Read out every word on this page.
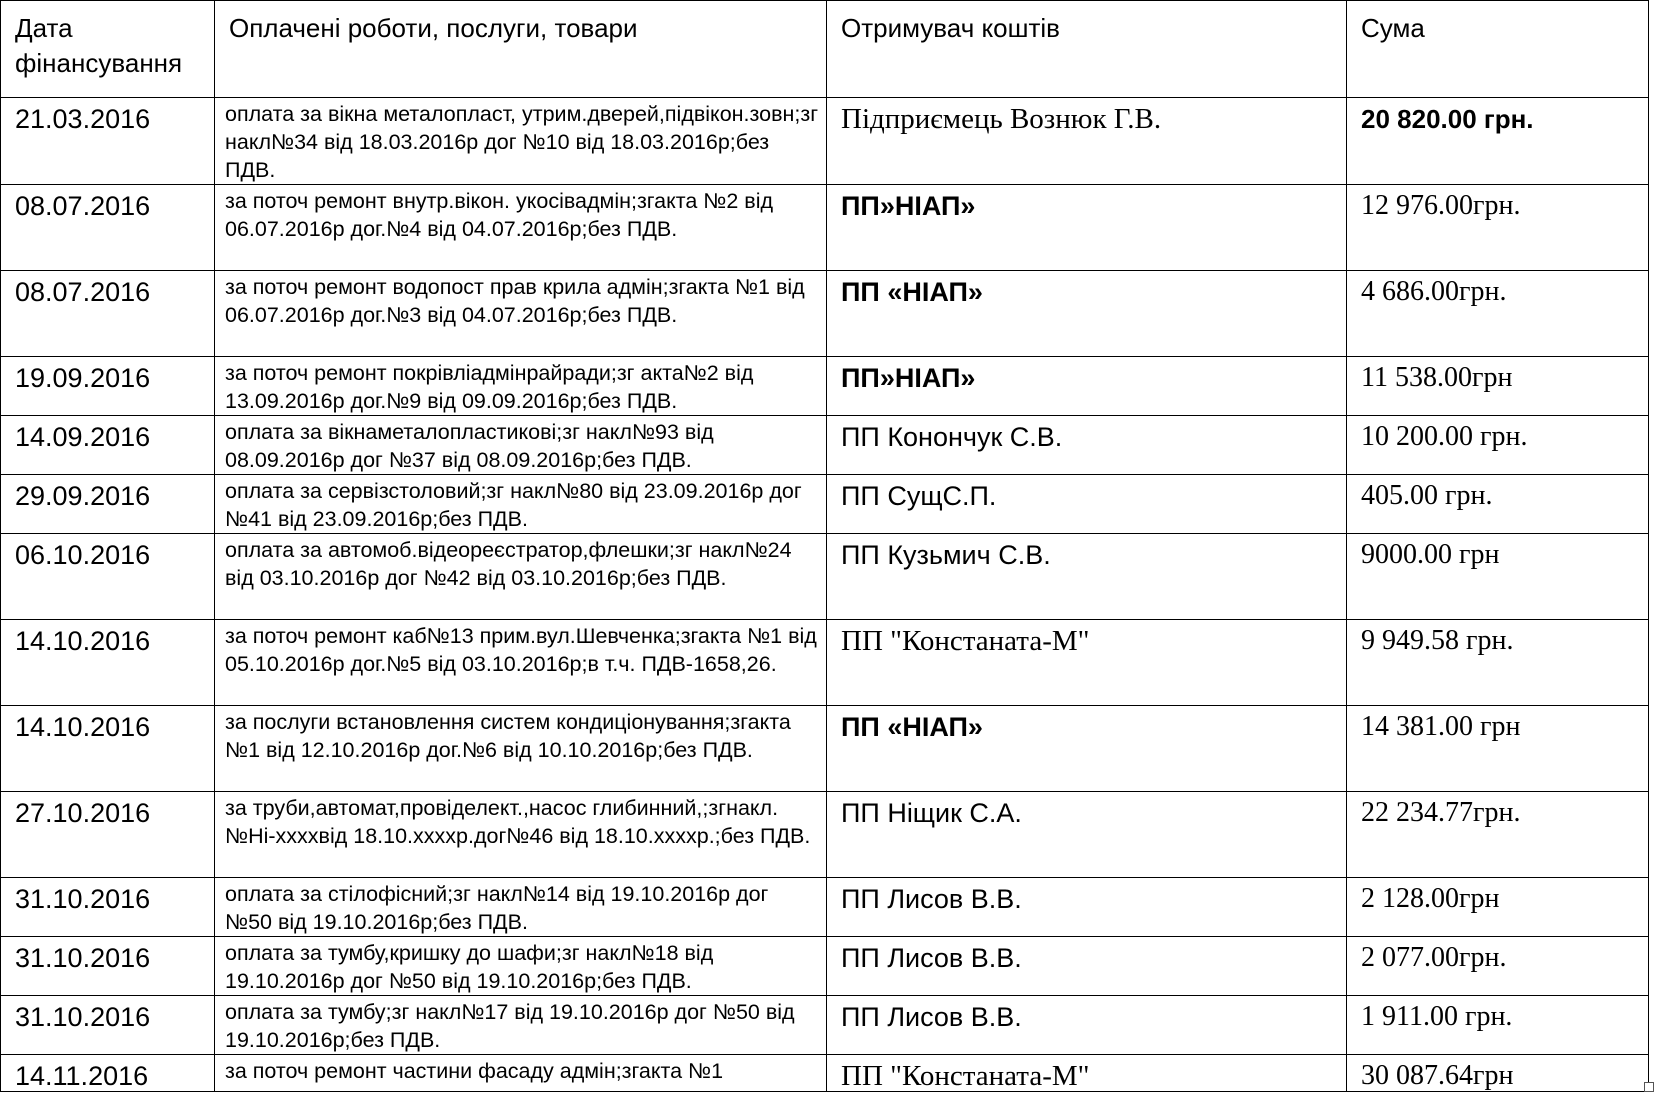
Дата фінансування	Оплачені роботи, послуги, товари	Отримувач коштів	Сума
21.03.2016	оплата за вікна металопласт, утрим.дверей,підвікон.зовн;зг накл№34 від 18.03.2016р дог №10 від 18.03.2016р;без ПДВ.	Підприємець Вознюк Г.В.	20 820.00 грн.
08.07.2016	за поточ ремонт внутр.вікон. укосівадмін;згакта №2 від 06.07.2016р дог.№4 від 04.07.2016р;без ПДВ.	ПП»НІАП»	12 976.00грн.
08.07.2016	за поточ ремонт водопост прав крила адмін;згакта №1 від 06.07.2016р дог.№3 від 04.07.2016р;без ПДВ.	ПП «НІАП»	4 686.00грн.
19.09.2016	за поточ ремонт покрівліадмінрайради;зг акта№2 від 13.09.2016р дог.№9 від 09.09.2016р;без ПДВ.	ПП»НІАП»	11 538.00грн
14.09.2016	оплата за вікнаметалопластикові;зг накл№93 від 08.09.2016р дог №37 від 08.09.2016р;без ПДВ.	ПП Конончук С.В.	10 200.00 грн.
29.09.2016	оплата за сервізстоловий;зг накл№80 від 23.09.2016р дог №41 від 23.09.2016р;без ПДВ.	ПП СущС.П.	405.00 грн.
06.10.2016	оплата за автомоб.відеореєстратор,флешки;зг накл№24 від 03.10.2016р дог №42 від 03.10.2016р;без ПДВ.	ПП Кузьмич С.В.	9000.00 грн
14.10.2016	за поточ ремонт каб№13 прим.вул.Шевченка;згакта №1 від 05.10.2016р дог.№5 від 03.10.2016р;в т.ч. ПДВ-1658,26.	ПП "Констаната-М"	9 949.58 грн.
14.10.2016	за послуги встановлення систем кондиціонування;згакта №1 від 12.10.2016р дог.№6 від 10.10.2016р;без ПДВ.	ПП «НІАП»	14 381.00 грн
27.10.2016	за труби,автомат,провіделект.,насос глибинний,;згнакл.№Ні-ххххвід 18.10.ххххр.дог№46 від 18.10.ххххр.;без ПДВ.	ПП Ніщик С.А.	22 234.77грн.
31.10.2016	оплата за стілофісний;зг накл№14 від 19.10.2016р дог №50 від 19.10.2016р;без ПДВ.	ПП Лисов В.В.	2 128.00грн
31.10.2016	оплата за тумбу,кришку до шафи;зг накл№18 від 19.10.2016р дог №50 від 19.10.2016р;без ПДВ.	ПП Лисов В.В.	2 077.00грн.
31.10.2016	оплата за тумбу;зг накл№17 від 19.10.2016р дог №50 від 19.10.2016р;без ПДВ.	ПП Лисов В.В.	1 911.00 грн.
14.11.2016	за поточ ремонт частини фасаду адмін;згакта №1	ПП "Констаната-М"	30 087.64грн
